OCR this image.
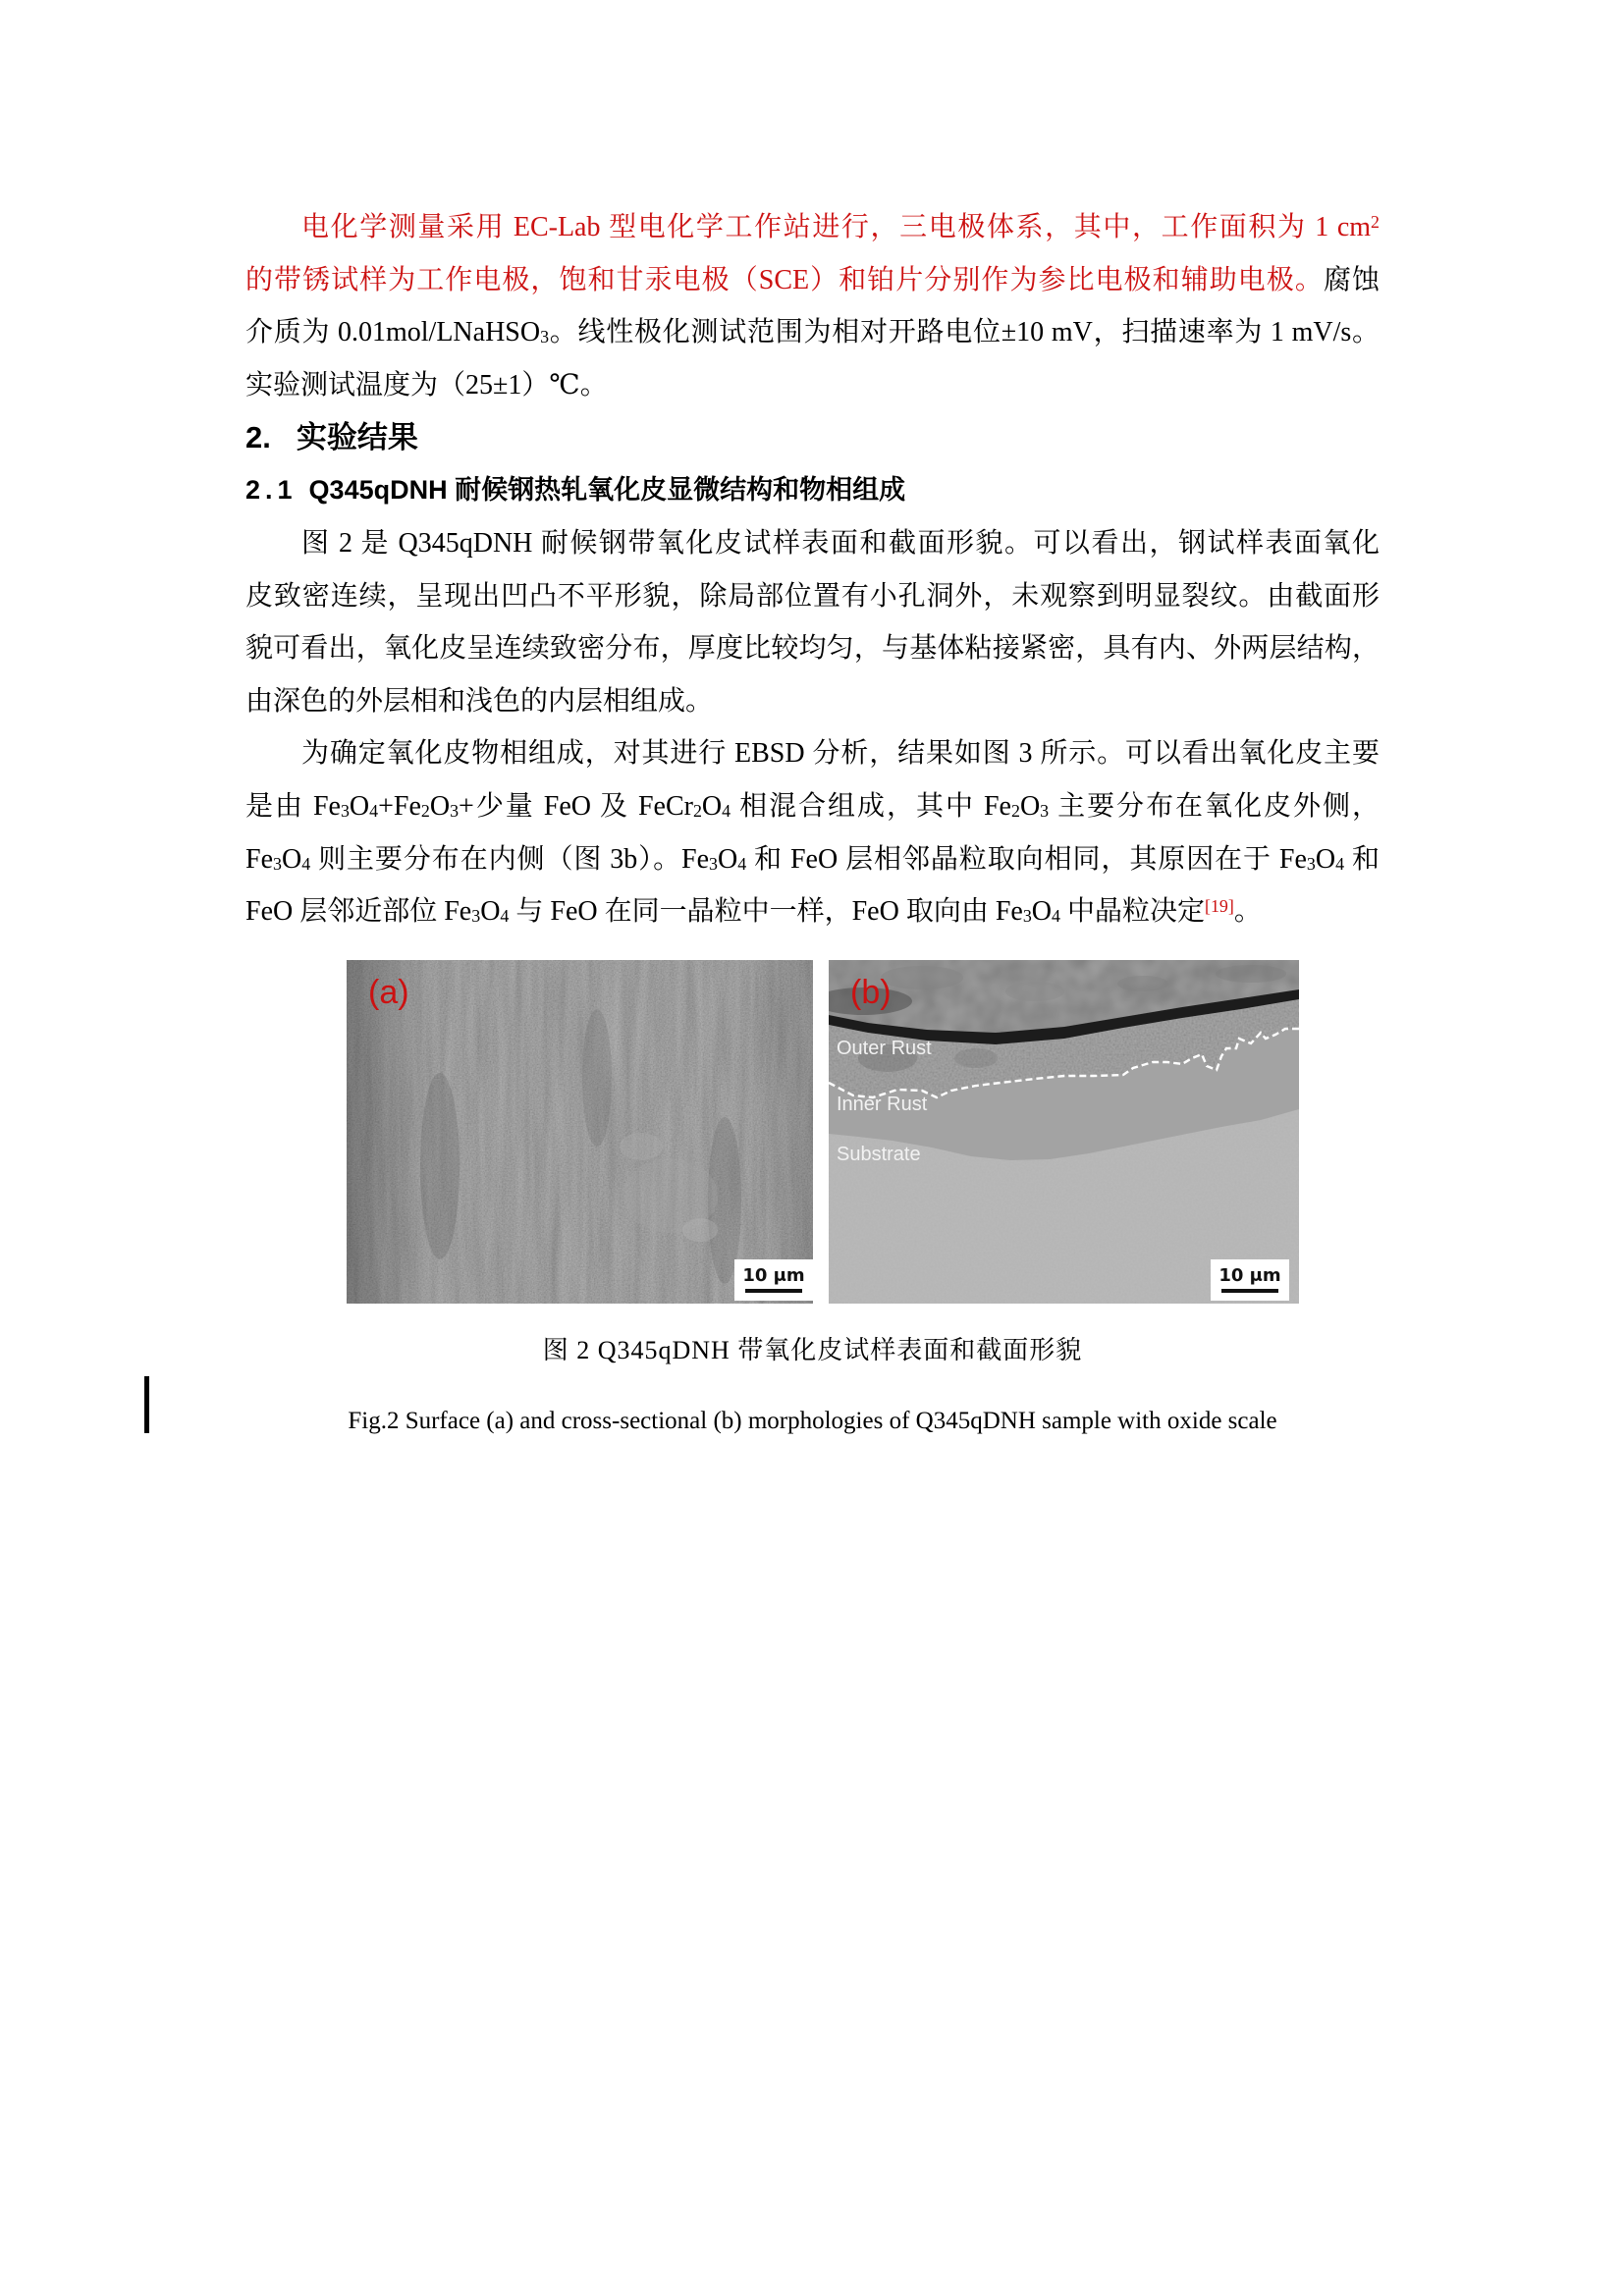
电化学测量采用 EC-Lab 型电化学工作站进行，三电极体系，其中，工作面积为 1 $cm^2$
的带锈试样为工作电极，饱和甘汞电极（SCE）和铂片分别作为参比电极和辅助电极。腐蚀
介质为 0.01mol/LNaHSO3。线性极化测试范围为相对开路电位±10 mV，扫描速率为 1 mV/s。
实验测试温度为（25±1）℃。
2. 实验结果
2.1 Q345qDNH 耐候钢热轧氧化皮显微结构和物相组成
图 2 是 Q345qDNH 耐候钢带氧化皮试样表面和截面形貌。可以看出，钢试样表面氧化
皮致密连续，呈现出凹凸不平形貌，除局部位置有小孔洞外，未观察到明显裂纹。由截面形
貌可看出，氧化皮呈连续致密分布，厚度比较均匀，与基体粘接紧密，具有内、外两层结构，
由深色的外层相和浅色的内层相组成。
为确定氧化皮物相组成，对其进行 EBSD 分析，结果如图 3 所示。可以看出氧化皮主要
是由 Fe3O4+Fe2O3+少量 FeO 及 FeCr2O4 相混合组成，其中 Fe2O3 主要分布在氧化皮外侧，
Fe3O4 则主要分布在内侧（图 3b）。Fe3O4 和 FeO 层相邻晶粒取向相同，其原因在于 Fe3O4 和
FeO 层邻近部位 Fe3O4 与 FeO 在同一晶粒中一样，FeO 取向由 Fe3O4 中晶粒决定[19]。
(a)
10 μm
(b)
Outer Rust
Inner Rust
Substrate
10 μm
图 2 Q345qDNH 带氧化皮试样表面和截面形貌
Fig.2 Surface (a) and cross-sectional (b) morphologies of Q345qDNH sample with oxide scale
